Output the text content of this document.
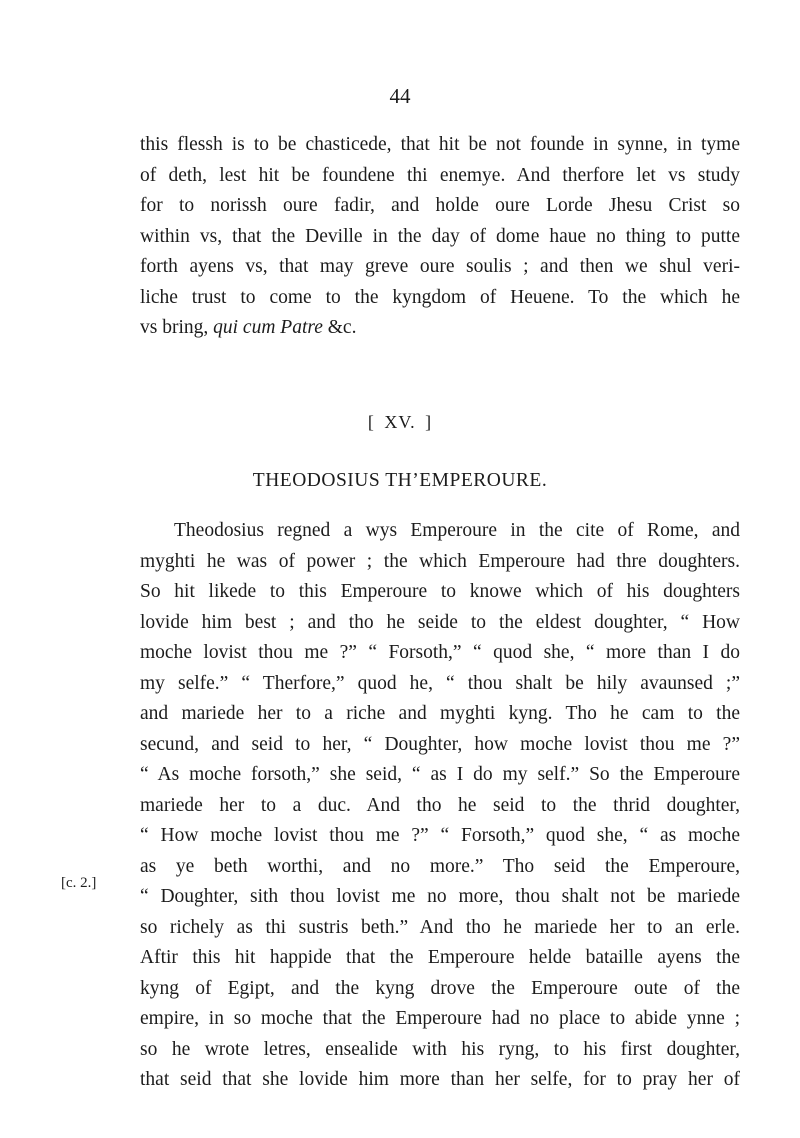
44
this flessh is to be chasticede, that hit be not founde in synne, in tyme
of deth, lest hit be foundene thi enemye. And therfore let vs study
for to norissh oure fadir, and holde oure Lorde Jhesu Crist so
within vs, that the Deville in the day of dome haue no thing to putte
forth ayens vs, that may greve oure soulis ; and then we shul veri-
liche trust to come to the kyngdom of Heuene. To the which he
vs bring, qui cum Patre &c.
[ XV. ]
THEODOSIUS TH’EMPEROURE.
Theodosius regned a wys Emperoure in the cite of Rome, and
myghti he was of power ; the which Emperoure had thre doughters.
So hit likede to this Emperoure to knowe which of his doughters
lovide him best ; and tho he seide to the eldest doughter, “ How
moche lovist thou me ?” “ Forsoth,” “ quod she, “ more than I do
my selfe.” “ Therfore,” quod he, “ thou shalt be hily avaunsed ;”
and mariede her to a riche and myghti kyng. Tho he cam to the
secund, and seid to her, “ Doughter, how moche lovist thou me ?”
“ As moche forsoth,” she seid, “ as I do my self.” So the Emperoure
mariede her to a duc. And tho he seid to the thrid doughter,
“ How moche lovist thou me ?” “ Forsoth,” quod she, “ as moche
as ye beth worthi, and no more.” Tho seid the Emperoure,
“ Doughter, sith thou lovist me no more, thou shalt not be mariede
so richely as thi sustris beth.” And tho he mariede her to an erle.
Aftir this hit happide that the Emperoure helde bataille ayens the
kyng of Egipt, and the kyng drove the Emperoure oute of the
empire, in so moche that the Emperoure had no place to abide ynne ;
so he wrote letres, ensealide with his ryng, to his first doughter,
that seid that she lovide him more than her selfe, for to pray her of
[c. 2.]
